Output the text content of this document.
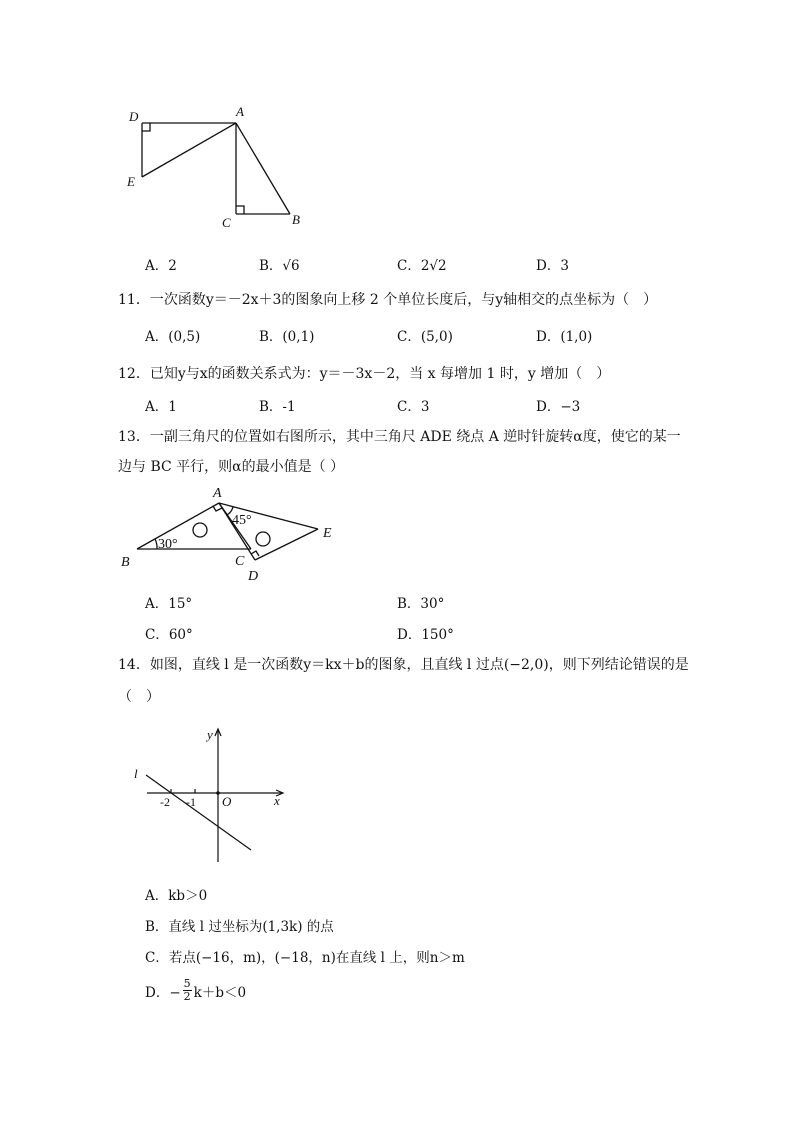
D	A
E
C	B
A．2	B．√6	C．2√2	D．3
11．一次函数y＝－2x＋3的图象向上移 2 个单位长度后，与y轴相交的点坐标为（　）
A．(0,5)	B．(0,1)	C．(5,0)	D．(1,0)
12．已知y与x的函数关系式为：y＝－3x－2，当 x 每增加 1 时，y 增加（　）
A．1	B．-1	C．3	D．−3
13．一副三角尺的位置如右图所示，其中三角尺 ADE 绕点 A 逆时针旋转α度，使它的某一
边与 BC 平行，则α的最小值是（ ）
A
B	C
D
E
30°
45°
A．15°	B．30°
C．60°	D．150°
14．如图，直线 l 是一次函数y＝kx＋b的图象，且直线 l 过点(−2,0)，则下列结论错误的是
（　）
y
x
l
O
-2 -1
A．kb＞0
B．直线 l 过坐标为(1,3k) 的点
C．若点(−16，m)，(−18，n)在直线 l 上，则n＞m
D．− $\frac{5}{2} k+b<0$
